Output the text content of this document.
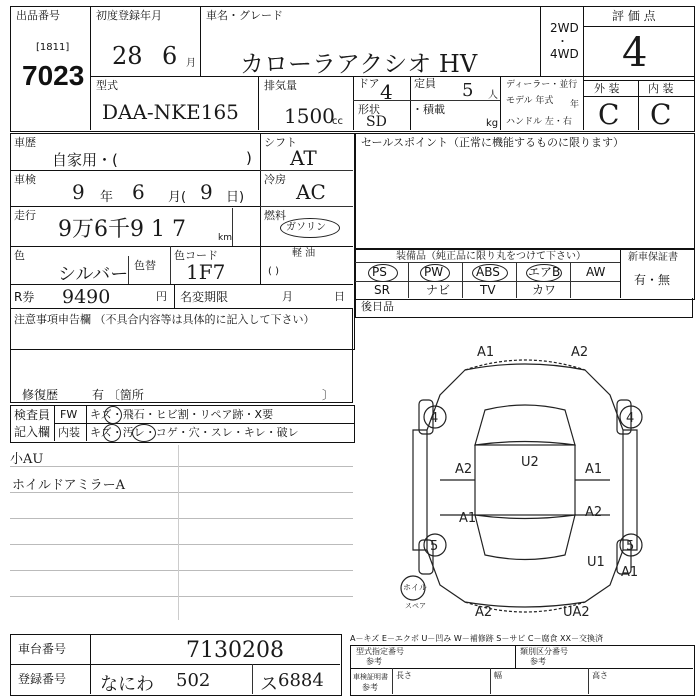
出品番号
[1811]
7023
初度登録年月
28 6 月
車名・グレード
カローラアクシオ HV
2WD
・
4WD
評 価 点
4
型式
DAA-NKE165
排気量
1500
cc
ドア 4 定員 5 人
形状
SD
・積載
kg
ディーラー・並行
モデル 年式 年
ハンドル 左・右
外 装	内 装
C C
車歴
自家用・(	)
車検
9 年 6 月( 9 日)
走行
9万6千9 1 7	km
シフト
AT
冷房
AC
燃料
ガソリン
軽 油
( )
色
シルバー 色替
色コード
1F7
R券 9490	円 名変期限	月	日
注意事項申告欄 （不具合内容等は具体的に記入して下さい）
修復歴	有 〔箇所	〕
検査員
記入欄
FW キズ・飛石・ヒビ割・リペア跡・X要
内装 キズ・汚レ・コゲ・穴・スレ・キレ・破レ
小AU
ホイルドアミラーA
セールスポイント（正常に機能するものに限ります）
装備品（純正品に限り丸をつけて下さい）
PS	PW	ABS エアB AW
SR	ナビ TV	カワ
新車保証書
有・無
後日品
A1	A2
4	4
5	5
A2	U2	A1
A1	A2
U1
A1
A2	UA2
ホイル
スペア
車台番号	7130208
登録番号 なにわ 502	ス 6884
A－キズ E－エクボ U－凹み W－補修跡 S－サビ C－腐食 XX－交換済
型式指定番号
参考
類別区分番号
参考
車検証明書
参考
長さ	幅	高さ
